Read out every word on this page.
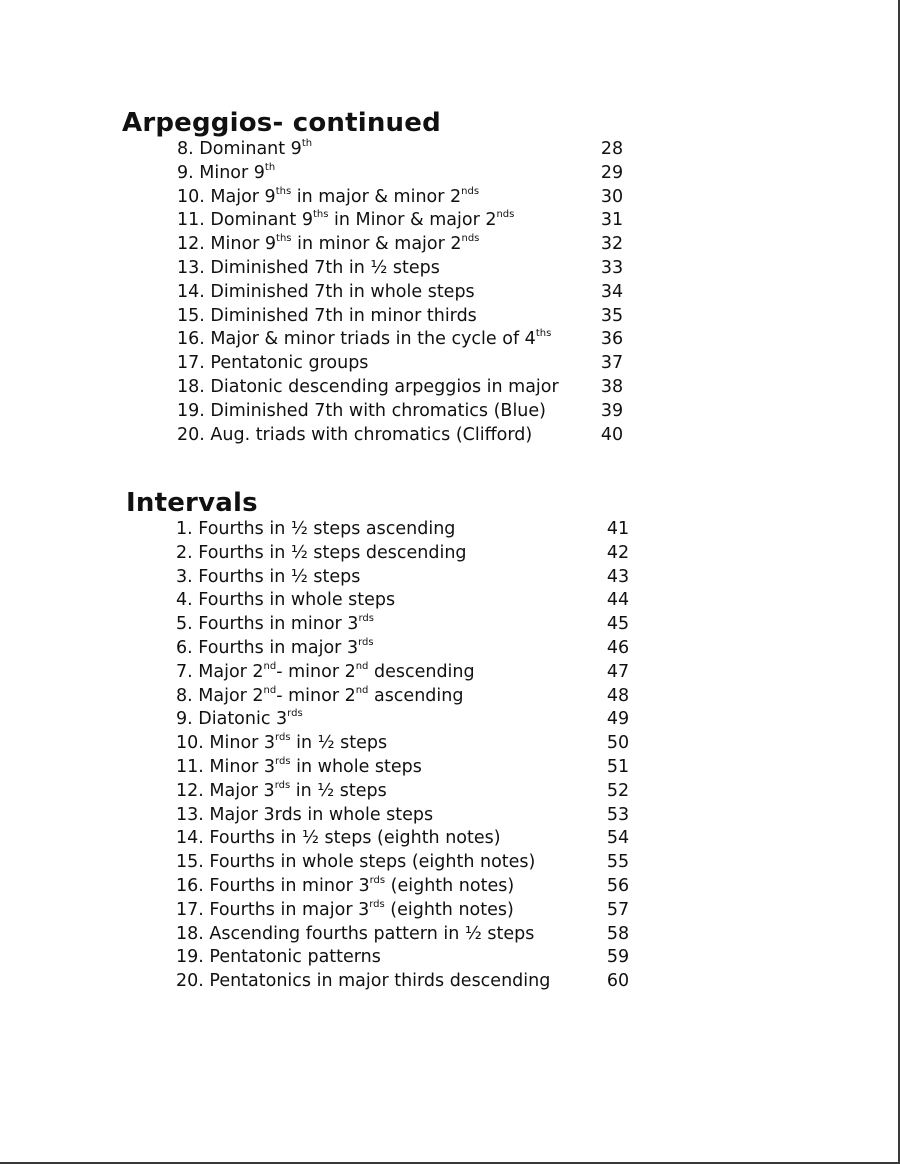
Arpeggios- continued
8. Dominant 9th	28
9. Minor 9th	29
10. Major $9^{ths}$ in major & minor $2^{nds}$	30
11. Dominant $9^{ths}$ in Minor & major $2^{nds}$	31
12. Minor $9^{ths}$ in minor & major $2^{nds}$	32
13. Diminished 7th in ½ steps	33
14. Diminished 7th in whole steps	34
15. Diminished 7th in minor thirds	35
16. Major & minor triads in the cycle of $4^{ths}$	36
17. Pentatonic groups	37
18. Diatonic descending arpeggios in major	38
19. Diminished 7th with chromatics (Blue)	39
20. Aug. triads with chromatics (Clifford)	40
Intervals
1. Fourths in ½ steps ascending	41
2. Fourths in ½ steps descending	42
3. Fourths in ½ steps	43
4. Fourths in whole steps	44
5. Fourths in minor $3^{rds}$	45
6. Fourths in major $3^{rds}$	46
7. Major 2nd- minor 2nd descending	47
8. Major 2nd- minor 2nd ascending	48
9. Diatonic $3^{rds}$	49
10. Minor $3^{rds}$ in ½ steps	50
11. Minor $3^{rds}$ in whole steps	51
12. Major $3^{rds}$ in ½ steps	52
13. Major 3rds in whole steps	53
14. Fourths in ½ steps (eighth notes)	54
15. Fourths in whole steps (eighth notes)	55
16. Fourths in minor $3^{rds}$ (eighth notes)	56
17. Fourths in major $3^{rds}$ (eighth notes)	57
18. Ascending fourths pattern in ½ steps	58
19. Pentatonic patterns	59
20. Pentatonics in major thirds descending	60
